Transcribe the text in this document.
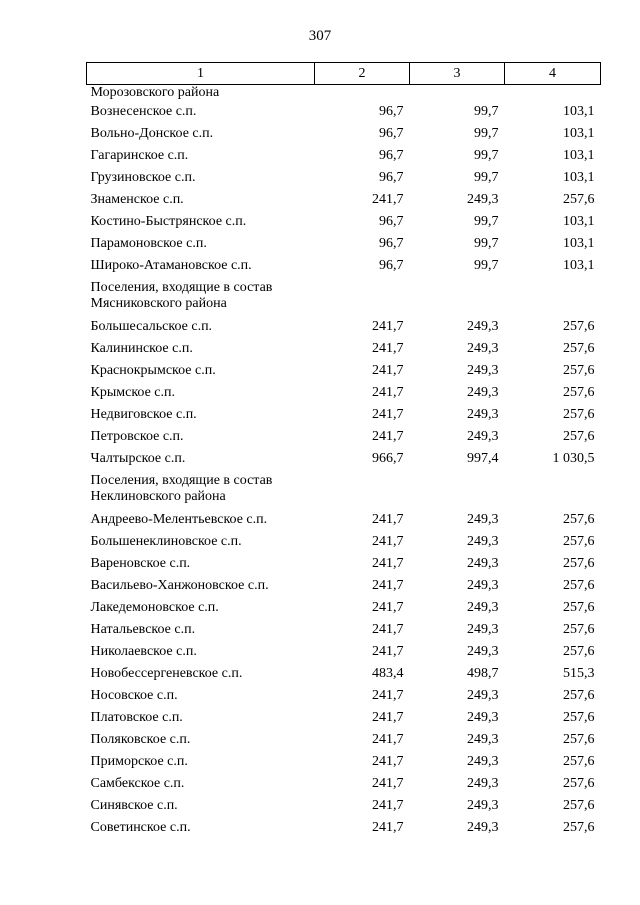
307
1	2	3	4
Морозовского района			
Вознесенское с.п.	96,7	99,7	103,1
Вольно-Донское с.п.	96,7	99,7	103,1
Гагаринское с.п.	96,7	99,7	103,1
Грузиновское с.п.	96,7	99,7	103,1
Знаменское с.п.	241,7	249,3	257,6
Костино-Быстрянское с.п.	96,7	99,7	103,1
Парамоновское с.п.	96,7	99,7	103,1
Широко-Атамановское с.п.	96,7	99,7	103,1
Поселения, входящие в состав Мясниковского района			
Большесальское с.п.	241,7	249,3	257,6
Калининское с.п.	241,7	249,3	257,6
Краснокрымское с.п.	241,7	249,3	257,6
Крымское с.п.	241,7	249,3	257,6
Недвиговское с.п.	241,7	249,3	257,6
Петровское с.п.	241,7	249,3	257,6
Чалтырское с.п.	966,7	997,4	1 030,5
Поселения, входящие в состав Неклиновского района			
Андреево-Мелентьевское с.п.	241,7	249,3	257,6
Большенеклиновское с.п.	241,7	249,3	257,6
Вареновское с.п.	241,7	249,3	257,6
Васильево-Ханжоновское с.п.	241,7	249,3	257,6
Лакедемоновское с.п.	241,7	249,3	257,6
Натальевское с.п.	241,7	249,3	257,6
Николаевское с.п.	241,7	249,3	257,6
Новобессергеневское с.п.	483,4	498,7	515,3
Носовское с.п.	241,7	249,3	257,6
Платовское с.п.	241,7	249,3	257,6
Поляковское с.п.	241,7	249,3	257,6
Приморское с.п.	241,7	249,3	257,6
Самбекское с.п.	241,7	249,3	257,6
Синявское с.п.	241,7	249,3	257,6
Советинское с.п.	241,7	249,3	257,6
